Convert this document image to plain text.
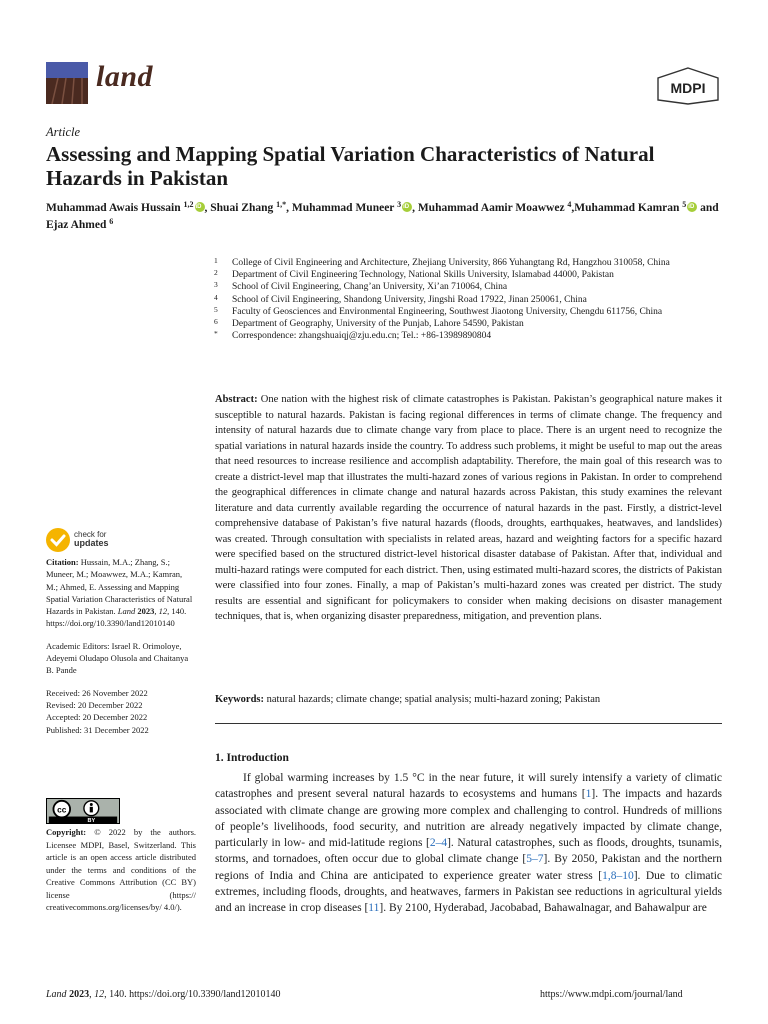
land	MDPI
Article
Assessing and Mapping Spatial Variation Characteristics of Natural Hazards in Pakistan
Muhammad Awais Hussain $^{1,2}$ iD , Shuai Zhang $^{1,*}$, Muhammad Muneer $^3$ iD , Muhammad Aamir Moawwez $^4$,Muhammad Kamran $^5$iD and Ejaz Ahmed $^6$
1 College of Civil Engineering and Architecture, Zhejiang University, 866 Yuhangtang Rd, Hangzhou 310058, China
2 Department of Civil Engineering Technology, National Skills University, Islamabad 44000, Pakistan
3 School of Civil Engineering, Chang’an University, Xi’an 710064, China
4 School of Civil Engineering, Shandong University, Jingshi Road 17922, Jinan 250061, China
5 Faculty of Geosciences and Environmental Engineering, Southwest Jiaotong University, Chengdu 611756, China
6 Department of Geography, University of the Punjab, Lahore 54590, Pakistan
* Correspondence: zhangshuaiqj@zju.edu.cn; Tel.: +86-13989890804
Abstract: One nation with the highest risk of climate catastrophes is Pakistan. Pakistan’s geographical nature makes it susceptible to natural hazards. Pakistan is facing regional differences in terms of climate change. The frequency and intensity of natural hazards due to climate change vary from place to place. There is an urgent need to recognize the spatial variations in natural hazards inside the country. To address such problems, it might be useful to map out the areas that need resources to increase resilience and accomplish adaptability. Therefore, the main goal of this research was to create a district-level map that illustrates the multi-hazard zones of various regions in Pakistan. In order to comprehend the geographical differences in climate change and natural hazards across Pakistan, this study examines the relevant literature and data currently available regarding the occurrence of natural hazards in the past. Firstly, a district-level comprehensive database of Pakistan’s five natural hazards (floods, droughts, earthquakes, heatwaves, and landslides) was created. Through consultation with specialists in related areas, hazard and weighting factors for a specific hazard were specified based on the structured district-level historical disaster database of Pakistan. After that, individual and multi-hazard ratings were computed for each district. Then, using estimated multi-hazard scores, the districts of Pakistan were classified into four zones. Finally, a map of Pakistan’s multi-hazard zones was created per district. The study results are essential and significant for policymakers to consider when making decisions on disaster management techniques, that is, when organizing disaster preparedness, mitigation, and prevention plans.
Keywords: natural hazards; climate change; spatial analysis; multi-hazard zoning; Pakistan
1. Introduction
If global warming increases by 1.5 °C in the near future, it will surely intensify a variety of climatic catastrophes and present several natural hazards to ecosystems and humans [1]. The impacts and hazards associated with climate change are growing more complex and challenging to control. Hundreds of millions of people’s livelihoods, food security, and nutrition are already negatively impacted by climate change, particularly in low- and mid-latitude regions [2–4]. Natural catastrophes, such as floods, droughts, tsunamis, storms, and tornadoes, often occur due to global climate change [5–7]. By 2050, Pakistan and the northern regions of India and China are anticipated to experience greater water stress [1,8–10]. Due to climatic extremes, including floods, droughts, and heatwaves, farmers in Pakistan see reductions in agricultural yields and an increase in crop diseases [11]. By 2100, Hyderabad, Jacobabad, Bahawalnagar, and Bahawalpur are
check for
updates
Citation: Hussain, M.A.; Zhang, S.; Muneer, M.; Moawwez, M.A.; Kamran, M.; Ahmed, E. Assessing and Mapping Spatial Variation Characteristics of Natural Hazards in Pakistan. Land 2023, 12, 140. https://doi.org/10.3390/land12010140
Academic Editors: Israel R. Orimoloye, Adeyemi Oludapo Olusola and Chaitanya B. Pande
Received: 26 November 2022
Revised: 20 December 2022
Accepted: 20 December 2022
Published: 31 December 2022
cc
BY
Copyright: © 2022 by the authors. Licensee MDPI, Basel, Switzerland. This article is an open access article distributed under the terms and conditions of the Creative Commons Attribution (CC BY) license (https:// creativecommons.org/licenses/by/ 4.0/).
Land 2023, 12, 140. https://doi.org/10.3390/land12010140	https://www.mdpi.com/journal/land
